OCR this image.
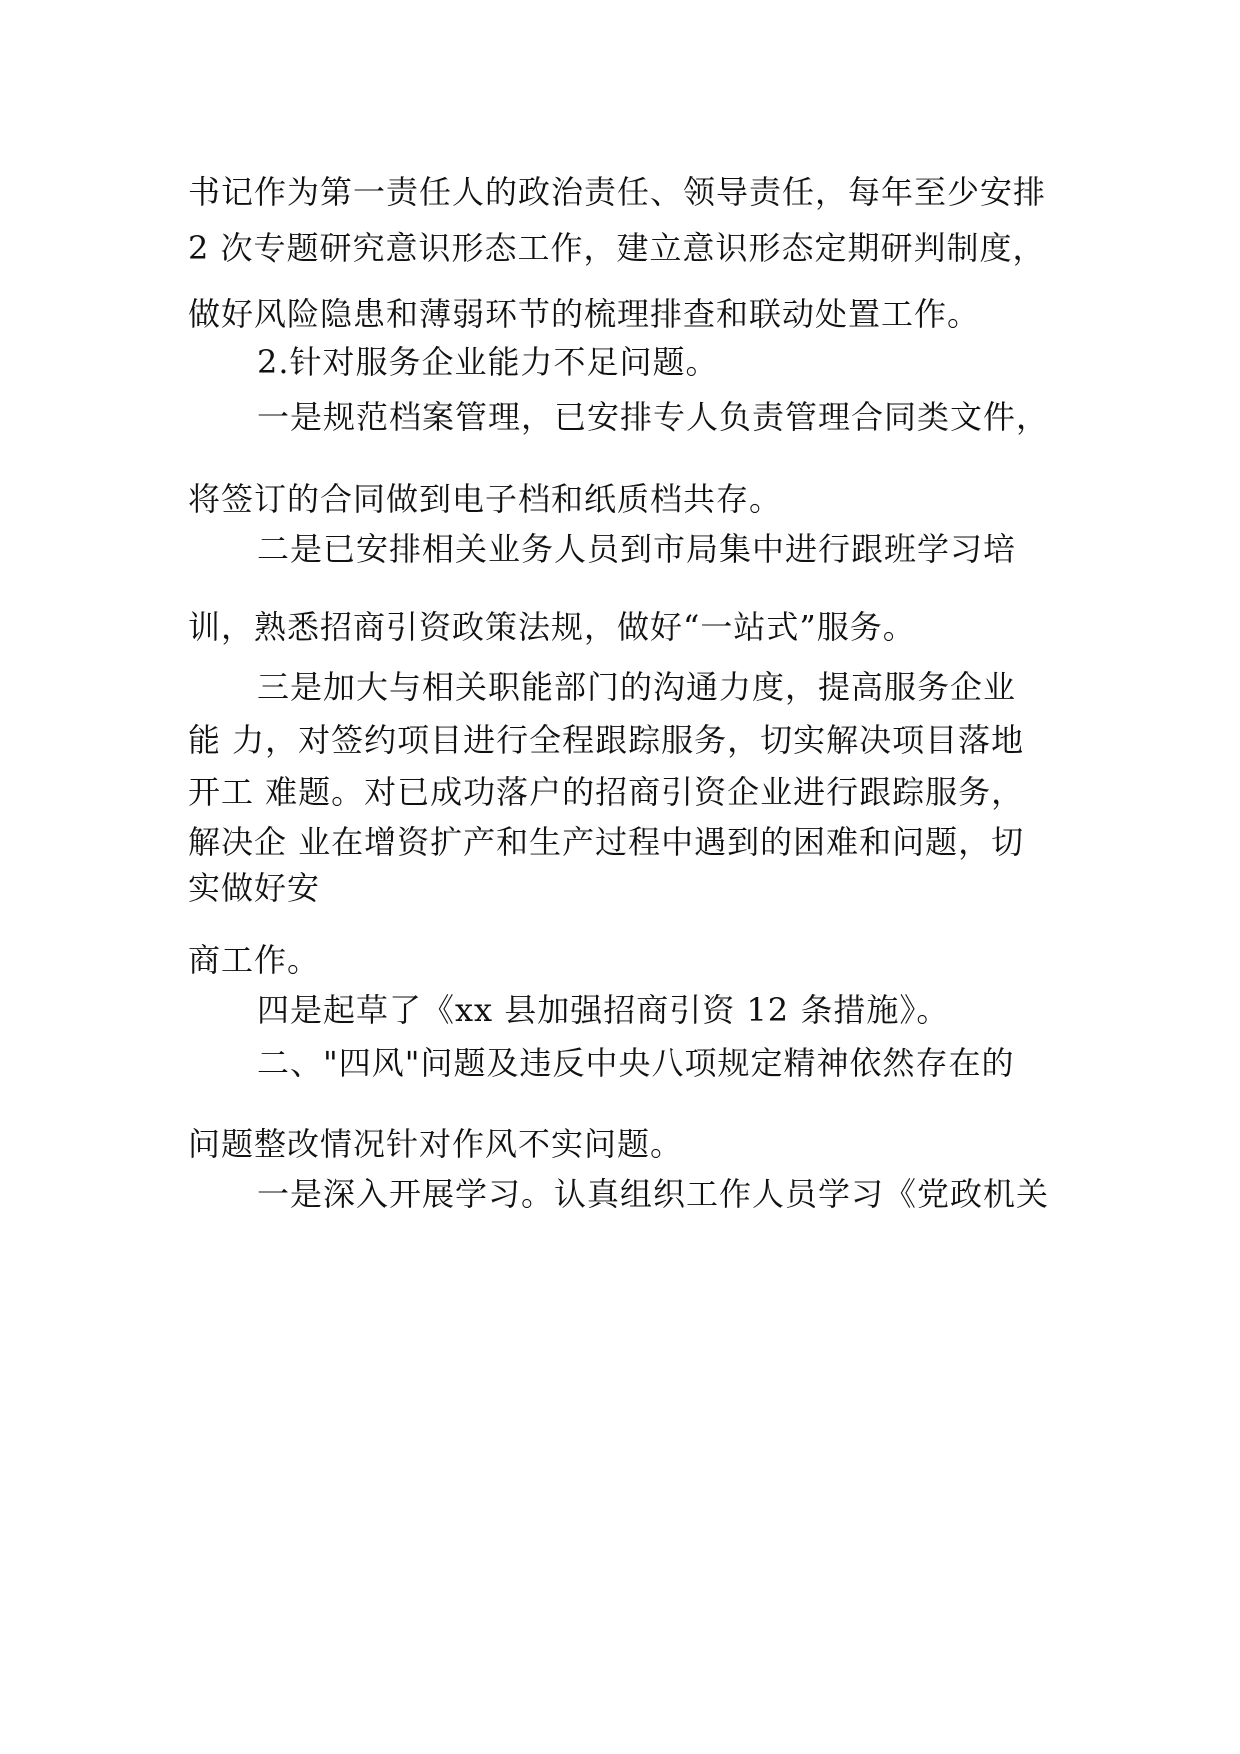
书记作为第一责任人的政治责任、领导责任，每年至少安排
2 次专题研究意识形态工作，建立意识形态定期研判制度，
做好风险隐患和薄弱环节的梳理排查和联动处置工作。
2.针对服务企业能力不足问题。
一是规范档案管理，已安排专人负责管理合同类文件，
将签订的合同做到电子档和纸质档共存。
二是已安排相关业务人员到市局集中进行跟班学习培
训，熟悉招商引资政策法规，做好“一站式”服务。
三是加大与相关职能部门的沟通力度，提高服务企业
能 力，对签约项目进行全程跟踪服务，切实解决项目落地
开工 难题。对已成功落户的招商引资企业进行跟踪服务，
解决企 业在增资扩产和生产过程中遇到的困难和问题，切
实做好安
商工作。
四是起草了《xx 县加强招商引资 12 条措施》。
二、"四风"问题及违反中央八项规定精神依然存在的
问题整改情况针对作风不实问题。
一是深入开展学习。认真组织工作人员学习《党政机关
